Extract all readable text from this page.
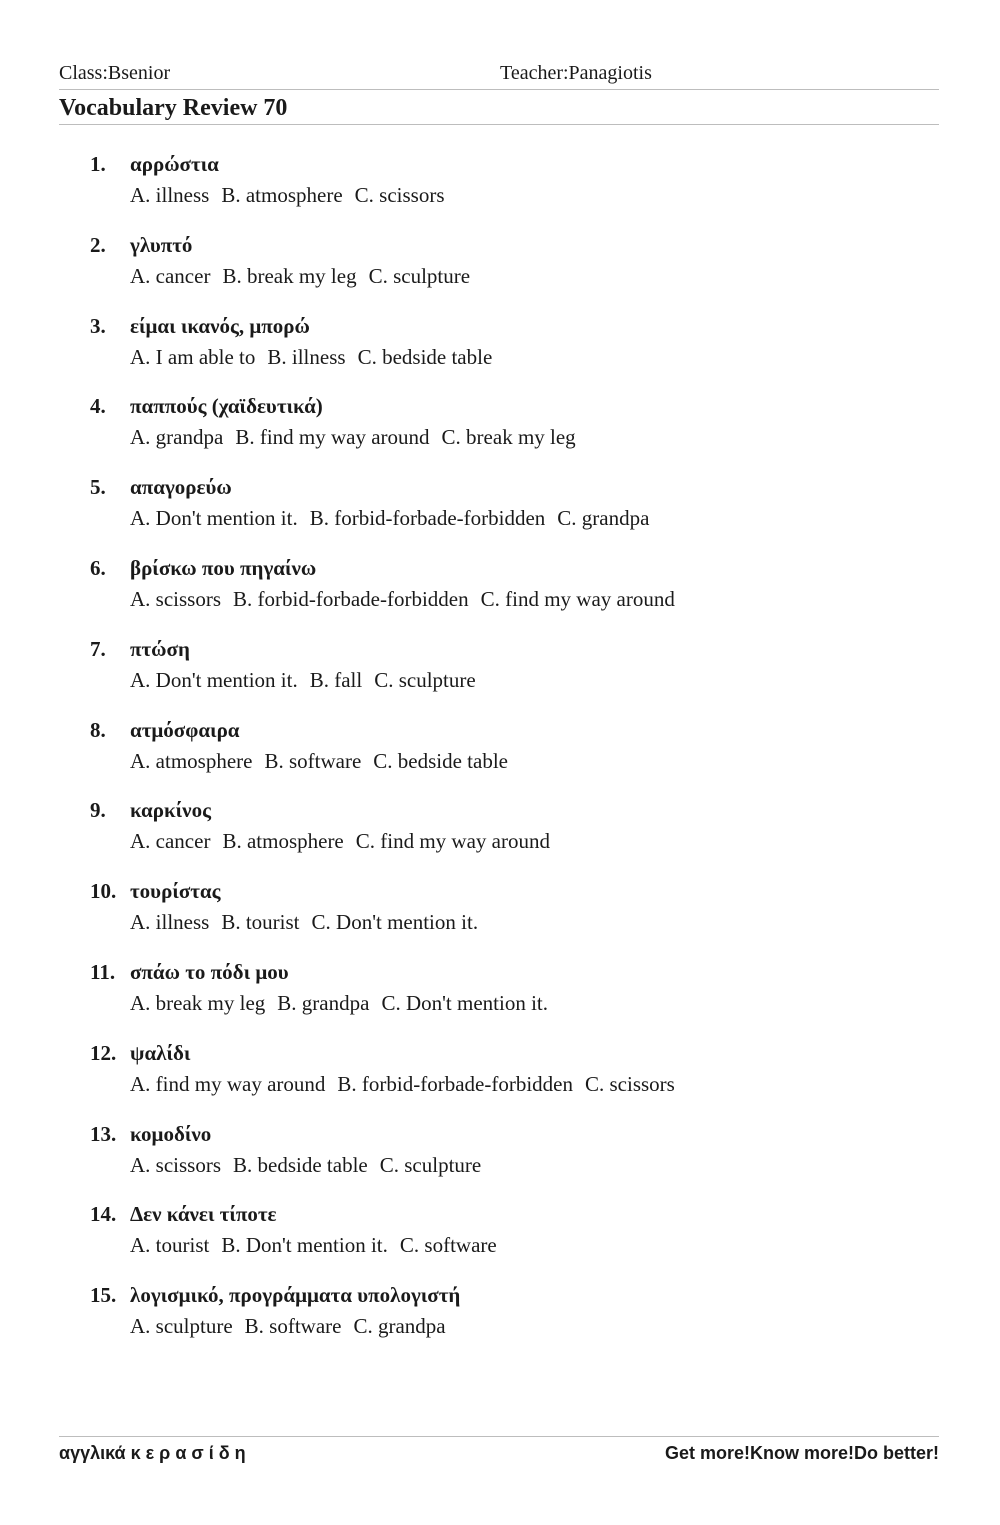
Class:Bsenior	Teacher:Panagiotis
Vocabulary Review 70
1. αρρώστια
A. illness B. atmosphere C. scissors
2. γλυπτό
A. cancer B. break my leg C. sculpture
3. είμαι ικανός, μπορώ
A. I am able to B. illness C. bedside table
4. παππούς (χαϊδευτικά)
A. grandpa B. find my way around C. break my leg
5. απαγορεύω
A. Don't mention it. B. forbid-forbade-forbidden C. grandpa
6. βρίσκω που πηγαίνω
A. scissors B. forbid-forbade-forbidden C. find my way around
7. πτώση
A. Don't mention it. B. fall C. sculpture
8. ατμόσφαιρα
A. atmosphere B. software C. bedside table
9. καρκίνος
A. cancer B. atmosphere C. find my way around
10. τουρίστας
A. illness B. tourist C. Don't mention it.
11. σπάω το πόδι μου
A. break my leg B. grandpa C. Don't mention it.
12. ψαλίδι
A. find my way around B. forbid-forbade-forbidden C. scissors
13. κομοδίνο
A. scissors B. bedside table C. sculpture
14. Δεν κάνει τίποτε
A. tourist B. Don't mention it. C. software
15. λογισμικό, προγράμματα υπολογιστή
A. sculpture B. software C. grandpa
αγγλικά κ ε ρ α σ ί δ η	Get more!Know more!Do better!
